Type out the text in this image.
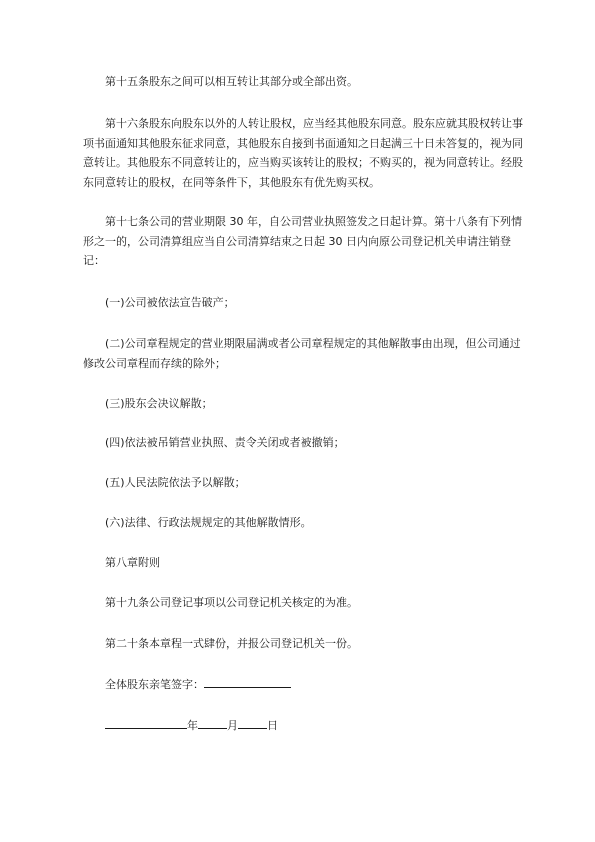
第十五条股东之间可以相互转让其部分或全部出资。

第十六条股东向股东以外的人转让股权，应当经其他股东同意。股东应就其股权转让事项书面通知其他股东征求同意，其他股东自接到书面通知之日起满三十日未答复的，视为同意转让。其他股东不同意转让的，应当购买该转让的股权；不购买的，视为同意转让。经股东同意转让的股权，在同等条件下，其他股东有优先购买权。

第十七条公司的营业期限 30 年，自公司营业执照签发之日起计算。第十八条有下列情形之一的，公司清算组应当自公司清算结束之日起 30 日内向原公司登记机关申请注销登记：

(一)公司被依法宣告破产；

(二)公司章程规定的营业期限届满或者公司章程规定的其他解散事由出现，但公司通过修改公司章程而存续的除外；

(三)股东会决议解散；

(四)依法被吊销营业执照、责令关闭或者被撤销；

(五)人民法院依法予以解散；

(六)法律、行政法规规定的其他解散情形。

第八章附则

第十九条公司登记事项以公司登记机关核定的为准。

第二十条本章程一式肆份，并报公司登记机关一份。

全体股东亲笔签字：

年	月	日
